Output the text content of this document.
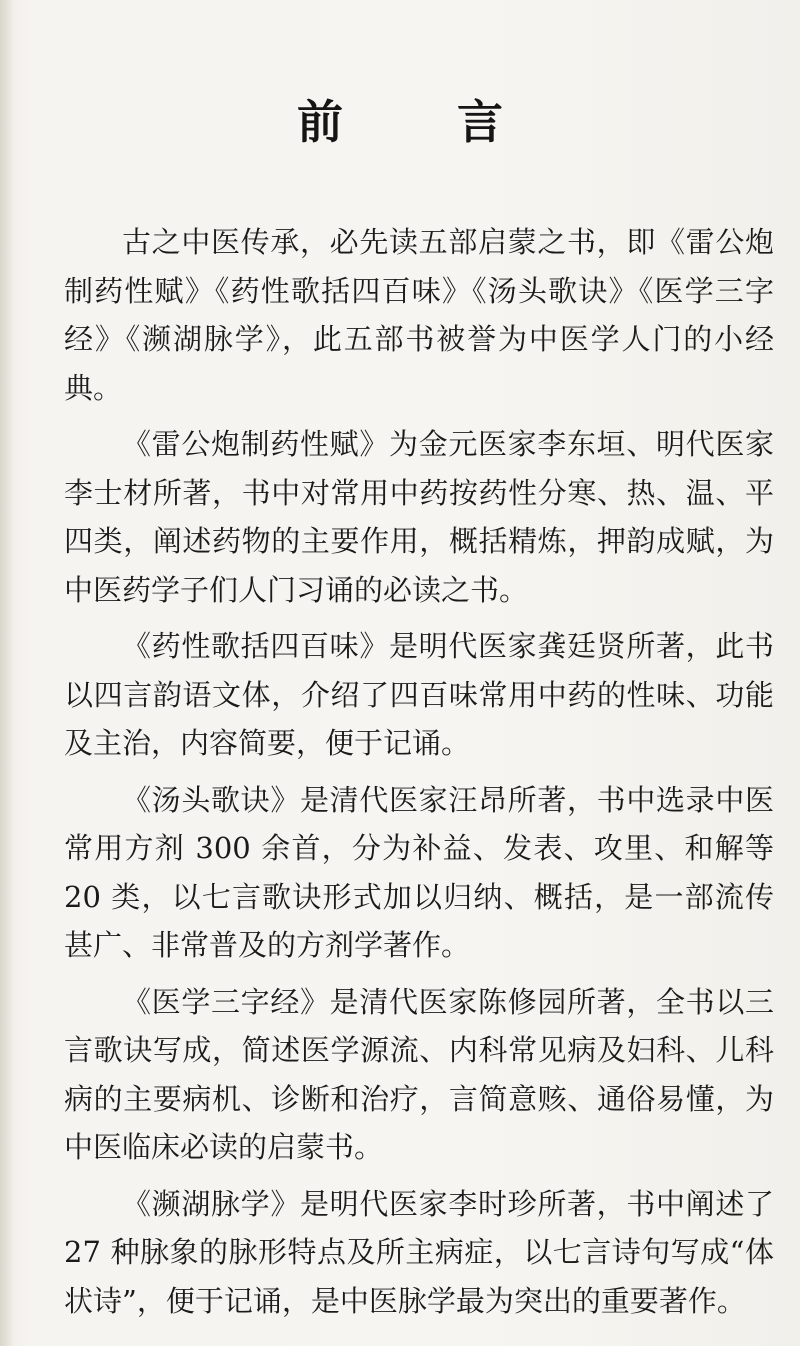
前　言

古之中医传承，必先读五部启蒙之书，即《雷公炮制药性赋》《药性歌括四百味》《汤头歌诀》《医学三字经》《濒湖脉学》，此五部书被誉为中医学人门的小经典。

《雷公炮制药性赋》为金元医家李东垣、明代医家李士材所著，书中对常用中药按药性分寒、热、温、平四类，阐述药物的主要作用，概括精炼，押韵成赋，为中医药学子们人门习诵的必读之书。

《药性歌括四百味》是明代医家龚廷贤所著，此书以四言韵语文体，介绍了四百味常用中药的性味、功能及主治，内容简要，便于记诵。

《汤头歌诀》是清代医家汪昂所著，书中选录中医常用方剂 300 余首，分为补益、发表、攻里、和解等 20 类，以七言歌诀形式加以归纳、概括，是一部流传甚广、非常普及的方剂学著作。

《医学三字经》是清代医家陈修园所著，全书以三言歌诀写成，简述医学源流、内科常见病及妇科、儿科病的主要病机、诊断和治疗，言简意赅、通俗易懂，为中医临床必读的启蒙书。

《濒湖脉学》是明代医家李时珍所著，书中阐述了 27 种脉象的脉形特点及所主病症，以七言诗句写成“体状诗”，便于记诵，是中医脉学最为突出的重要著作。
